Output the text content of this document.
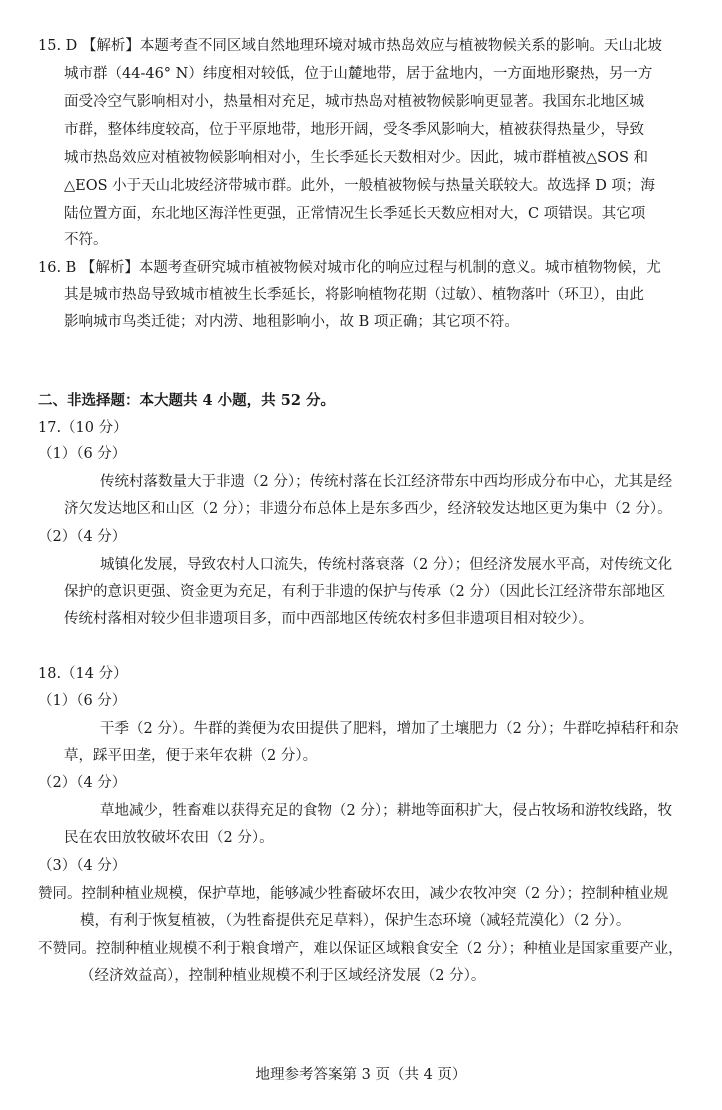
15. D 【解析】本题考查不同区域自然地理环境对城市热岛效应与植被物候关系的影响。天山北坡
城市群（44-46° N）纬度相对较低，位于山麓地带，居于盆地内，一方面地形聚热，另一方
面受冷空气影响相对小，热量相对充足，城市热岛对植被物候影响更显著。我国东北地区城
市群，整体纬度较高，位于平原地带，地形开阔，受冬季风影响大，植被获得热量少，导致
城市热岛效应对植被物候影响相对小，生长季延长天数相对少。因此，城市群植被△SOS 和
△EOS 小于天山北坡经济带城市群。此外，一般植被物候与热量关联较大。故选择 D 项；海
陆位置方面，东北地区海洋性更强，正常情况生长季延长天数应相对大，C 项错误。其它项
不符。
16. B 【解析】本题考查研究城市植被物候对城市化的响应过程与机制的意义。城市植物物候，尤
其是城市热岛导致城市植被生长季延长，将影响植物花期（过敏）、植物落叶（环卫），由此
影响城市鸟类迁徙；对内涝、地租影响小，故 B 项正确；其它项不符。
二、非选择题：本大题共 4 小题，共 52 分。
17.（10 分）
（1）（6 分）
传统村落数量大于非遗（2 分）；传统村落在长江经济带东中西均形成分布中心，尤其是经
济欠发达地区和山区（2 分）；非遗分布总体上是东多西少，经济较发达地区更为集中（2 分）。
（2）（4 分）
城镇化发展，导致农村人口流失，传统村落衰落（2 分）；但经济发展水平高，对传统文化
保护的意识更强、资金更为充足，有利于非遗的保护与传承（2 分）（因此长江经济带东部地区
传统村落相对较少但非遗项目多，而中西部地区传统农村多但非遗项目相对较少）。
18.（14 分）
（1）（6 分）
干季（2 分）。牛群的粪便为农田提供了肥料，增加了土壤肥力（2 分）；牛群吃掉秸秆和杂
草，踩平田垄，便于来年农耕（2 分）。
（2）（4 分）
草地减少，牲畜难以获得充足的食物（2 分）；耕地等面积扩大，侵占牧场和游牧线路，牧
民在农田放牧破坏农田（2 分）。
（3）（4 分）
赞同。控制种植业规模，保护草地，能够减少牲畜破坏农田，减少农牧冲突（2 分）；控制种植业规
模，有利于恢复植被，（为牲畜提供充足草料），保护生态环境（减轻荒漠化）（2 分）。
不赞同。控制种植业规模不利于粮食增产，难以保证区域粮食安全（2 分）；种植业是国家重要产业，
（经济效益高），控制种植业规模不利于区域经济发展（2 分）。
地理参考答案第 3 页（共 4 页）
